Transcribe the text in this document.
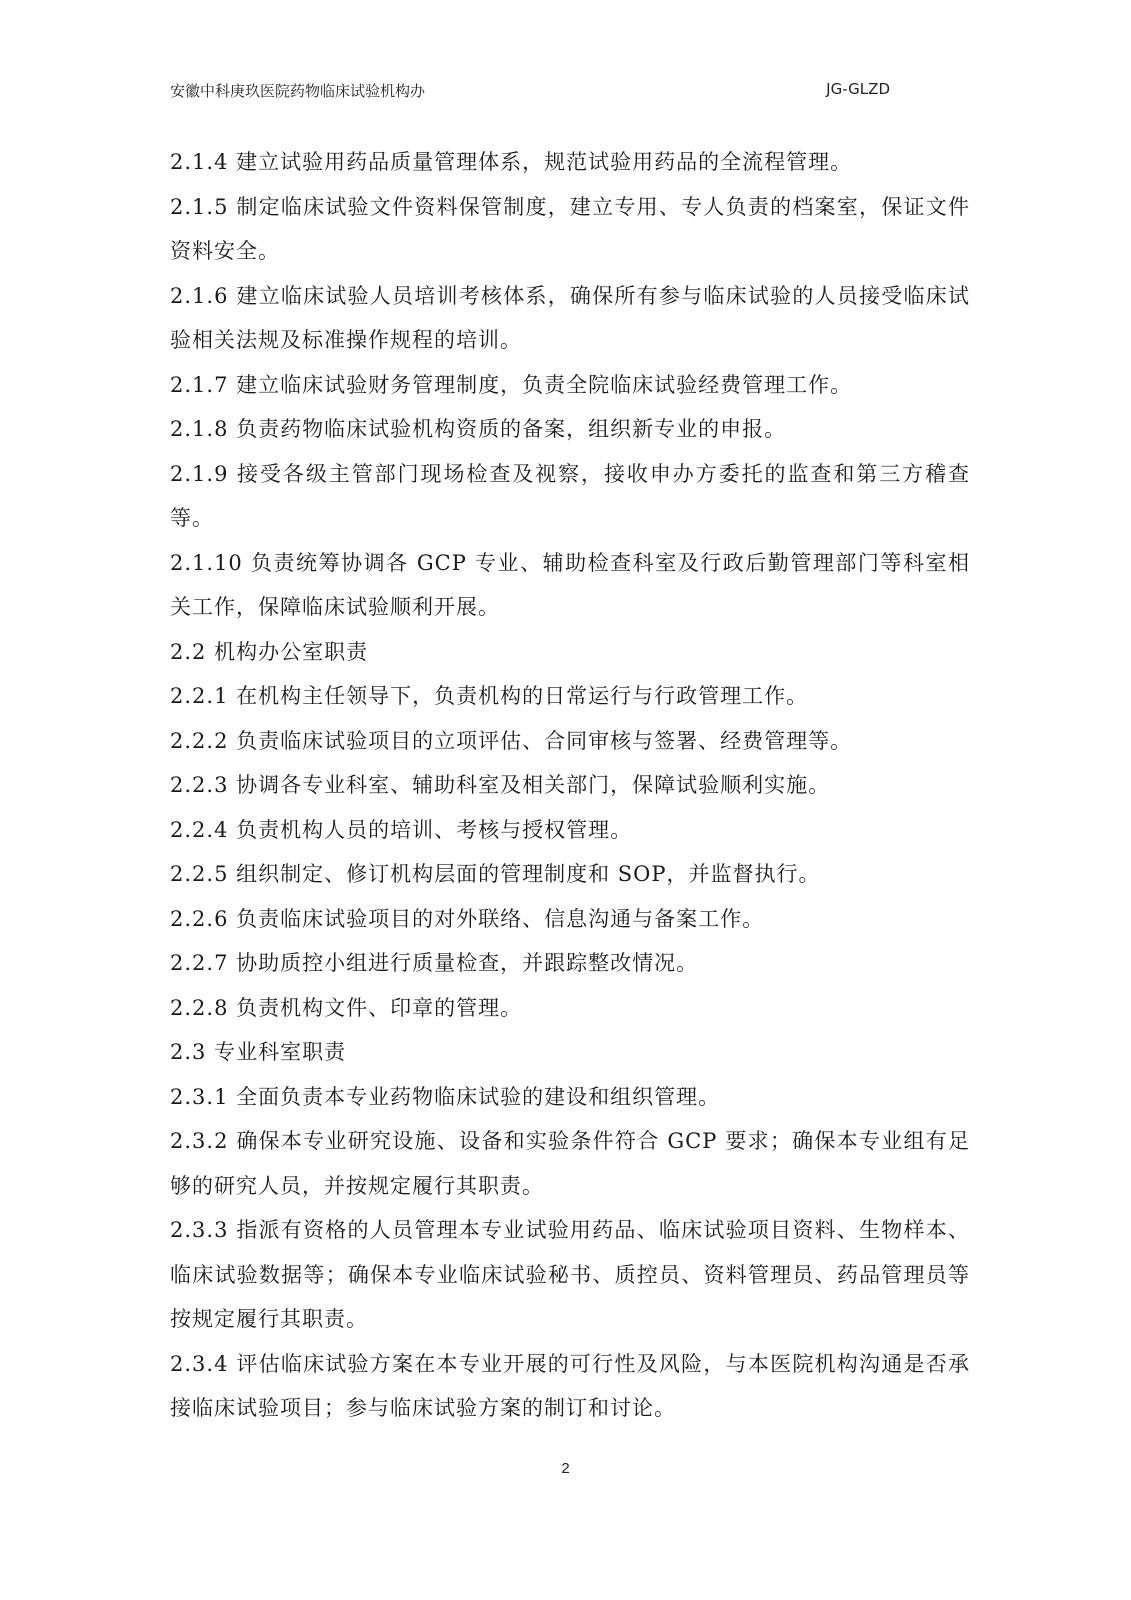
安徽中科庚玖医院药物临床试验机构办	JG-GLZD

2.1.4 建立试验用药品质量管理体系，规范试验用药品的全流程管理。

2.1.5 制定临床试验文件资料保管制度，建立专用、专人负责的档案室，保证文件资料安全。

2.1.6 建立临床试验人员培训考核体系，确保所有参与临床试验的人员接受临床试验相关法规及标准操作规程的培训。

2.1.7 建立临床试验财务管理制度，负责全院临床试验经费管理工作。

2.1.8 负责药物临床试验机构资质的备案，组织新专业的申报。

2.1.9 接受各级主管部门现场检查及视察，接收申办方委托的监查和第三方稽查等。

2.1.10 负责统筹协调各 GCP 专业、辅助检查科室及行政后勤管理部门等科室相关工作，保障临床试验顺利开展。

2.2 机构办公室职责

2.2.1 在机构主任领导下，负责机构的日常运行与行政管理工作。

2.2.2 负责临床试验项目的立项评估、合同审核与签署、经费管理等。

2.2.3 协调各专业科室、辅助科室及相关部门，保障试验顺利实施。

2.2.4 负责机构人员的培训、考核与授权管理。

2.2.5 组织制定、修订机构层面的管理制度和 SOP，并监督执行。

2.2.6 负责临床试验项目的对外联络、信息沟通与备案工作。

2.2.7 协助质控小组进行质量检查，并跟踪整改情况。

2.2.8 负责机构文件、印章的管理。

2.3 专业科室职责

2.3.1 全面负责本专业药物临床试验的建设和组织管理。

2.3.2 确保本专业研究设施、设备和实验条件符合 GCP 要求；确保本专业组有足够的研究人员，并按规定履行其职责。

2.3.3 指派有资格的人员管理本专业试验用药品、临床试验项目资料、生物样本、临床试验数据等；确保本专业临床试验秘书、质控员、资料管理员、药品管理员等按规定履行其职责。

2.3.4 评估临床试验方案在本专业开展的可行性及风险，与本医院机构沟通是否承接临床试验项目；参与临床试验方案的制订和讨论。

2
